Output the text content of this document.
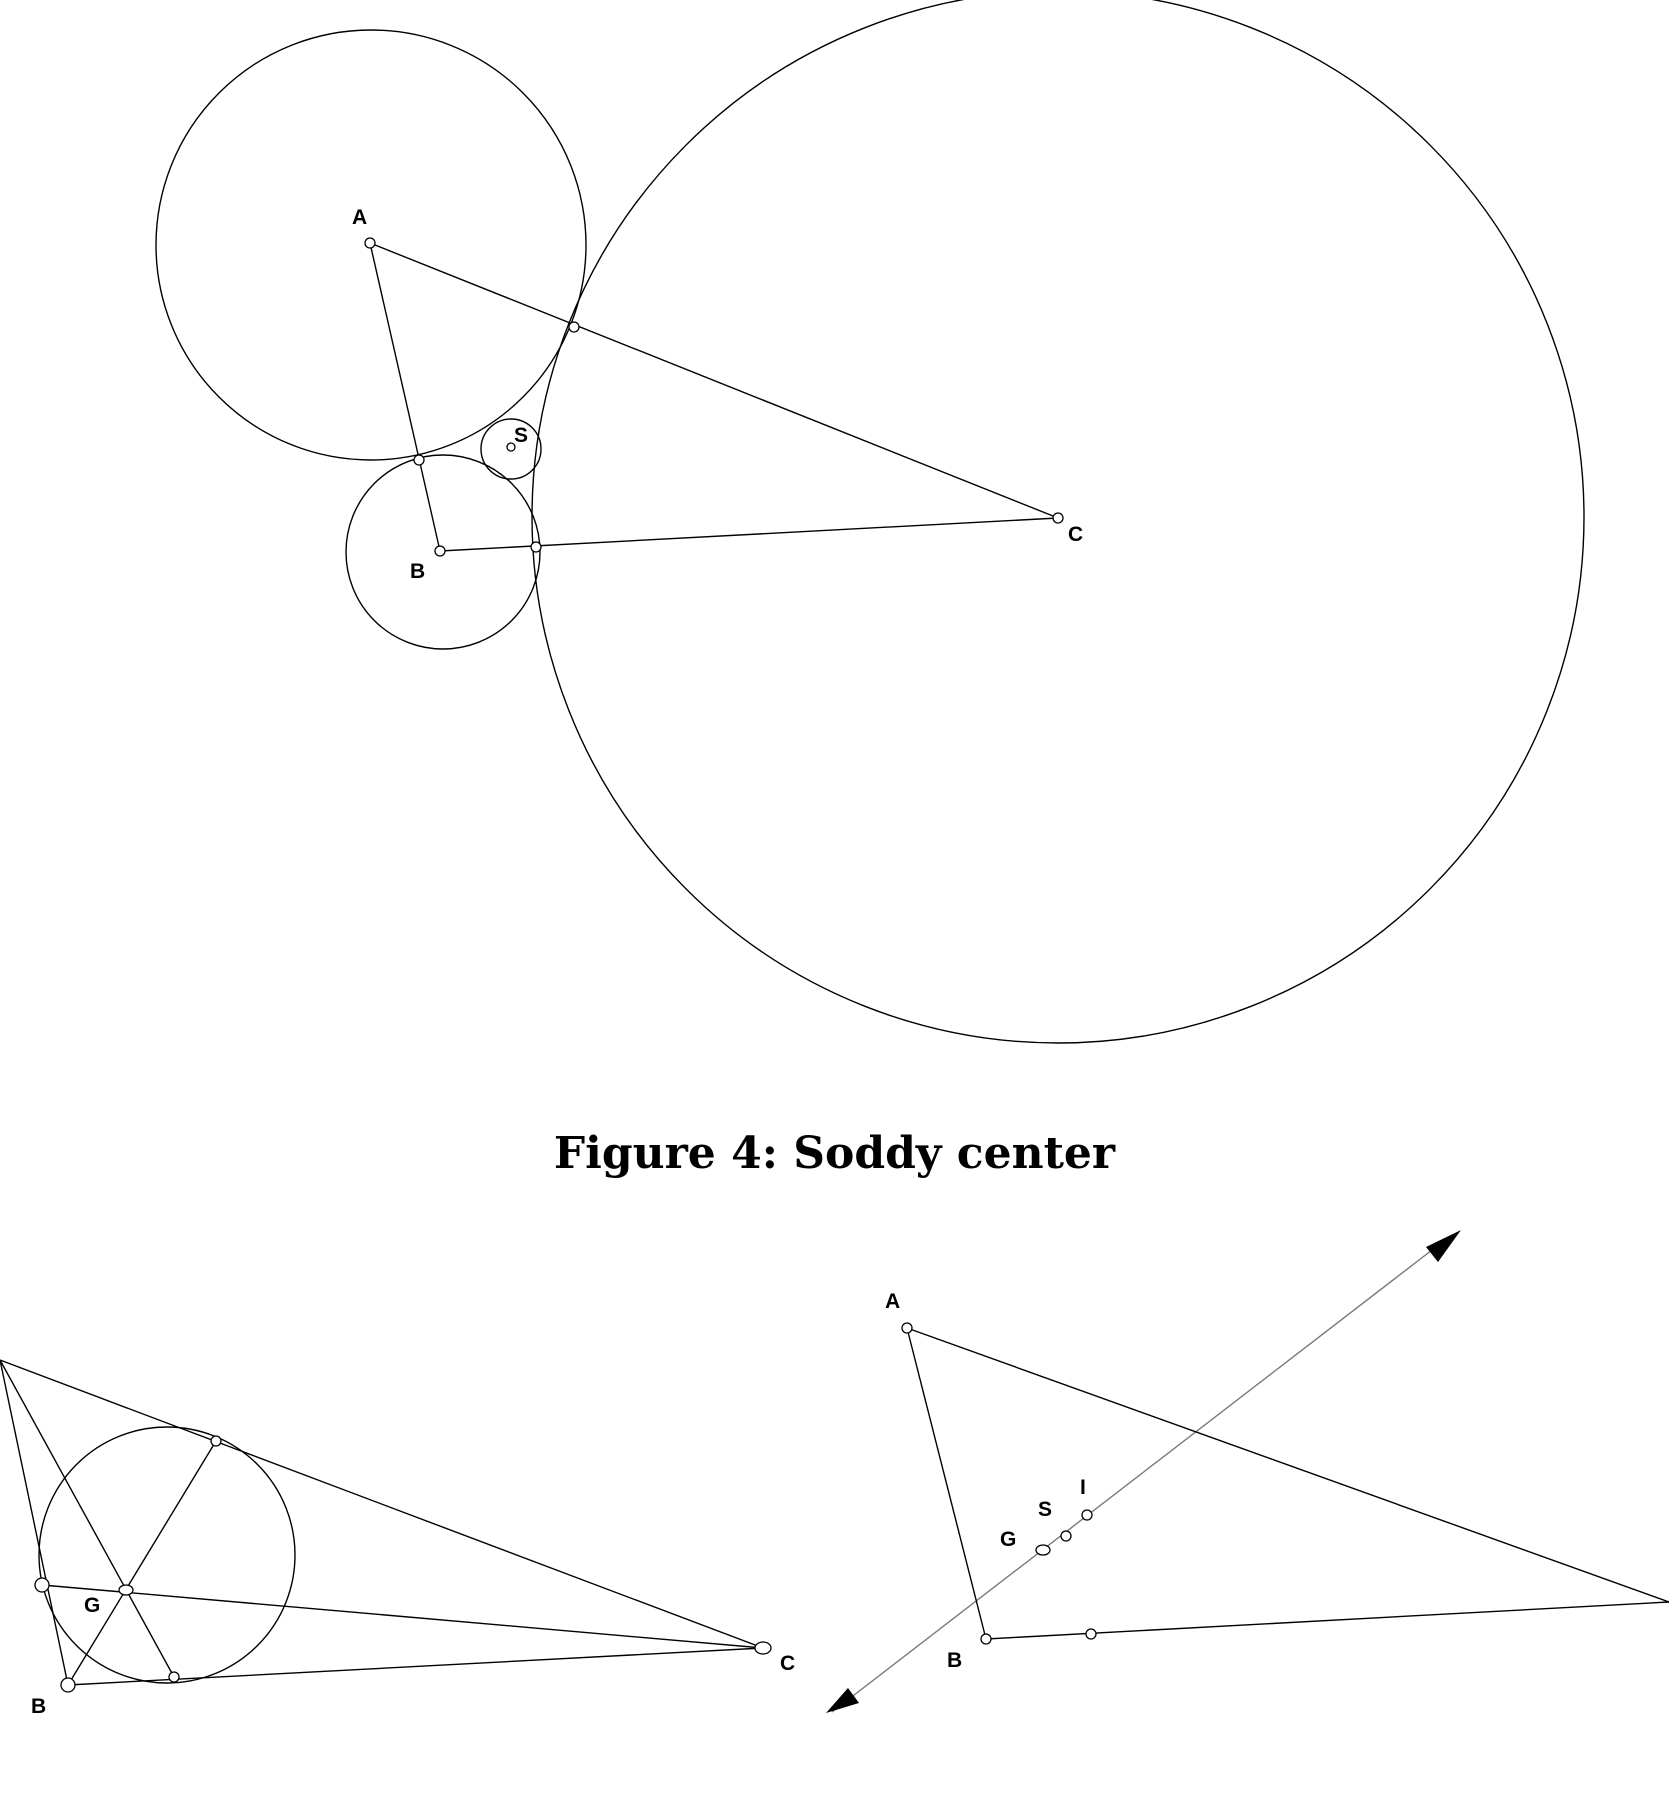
A
B
C
S
G
B
C
A
B
G
S
I
Figure 4: Soddy center
